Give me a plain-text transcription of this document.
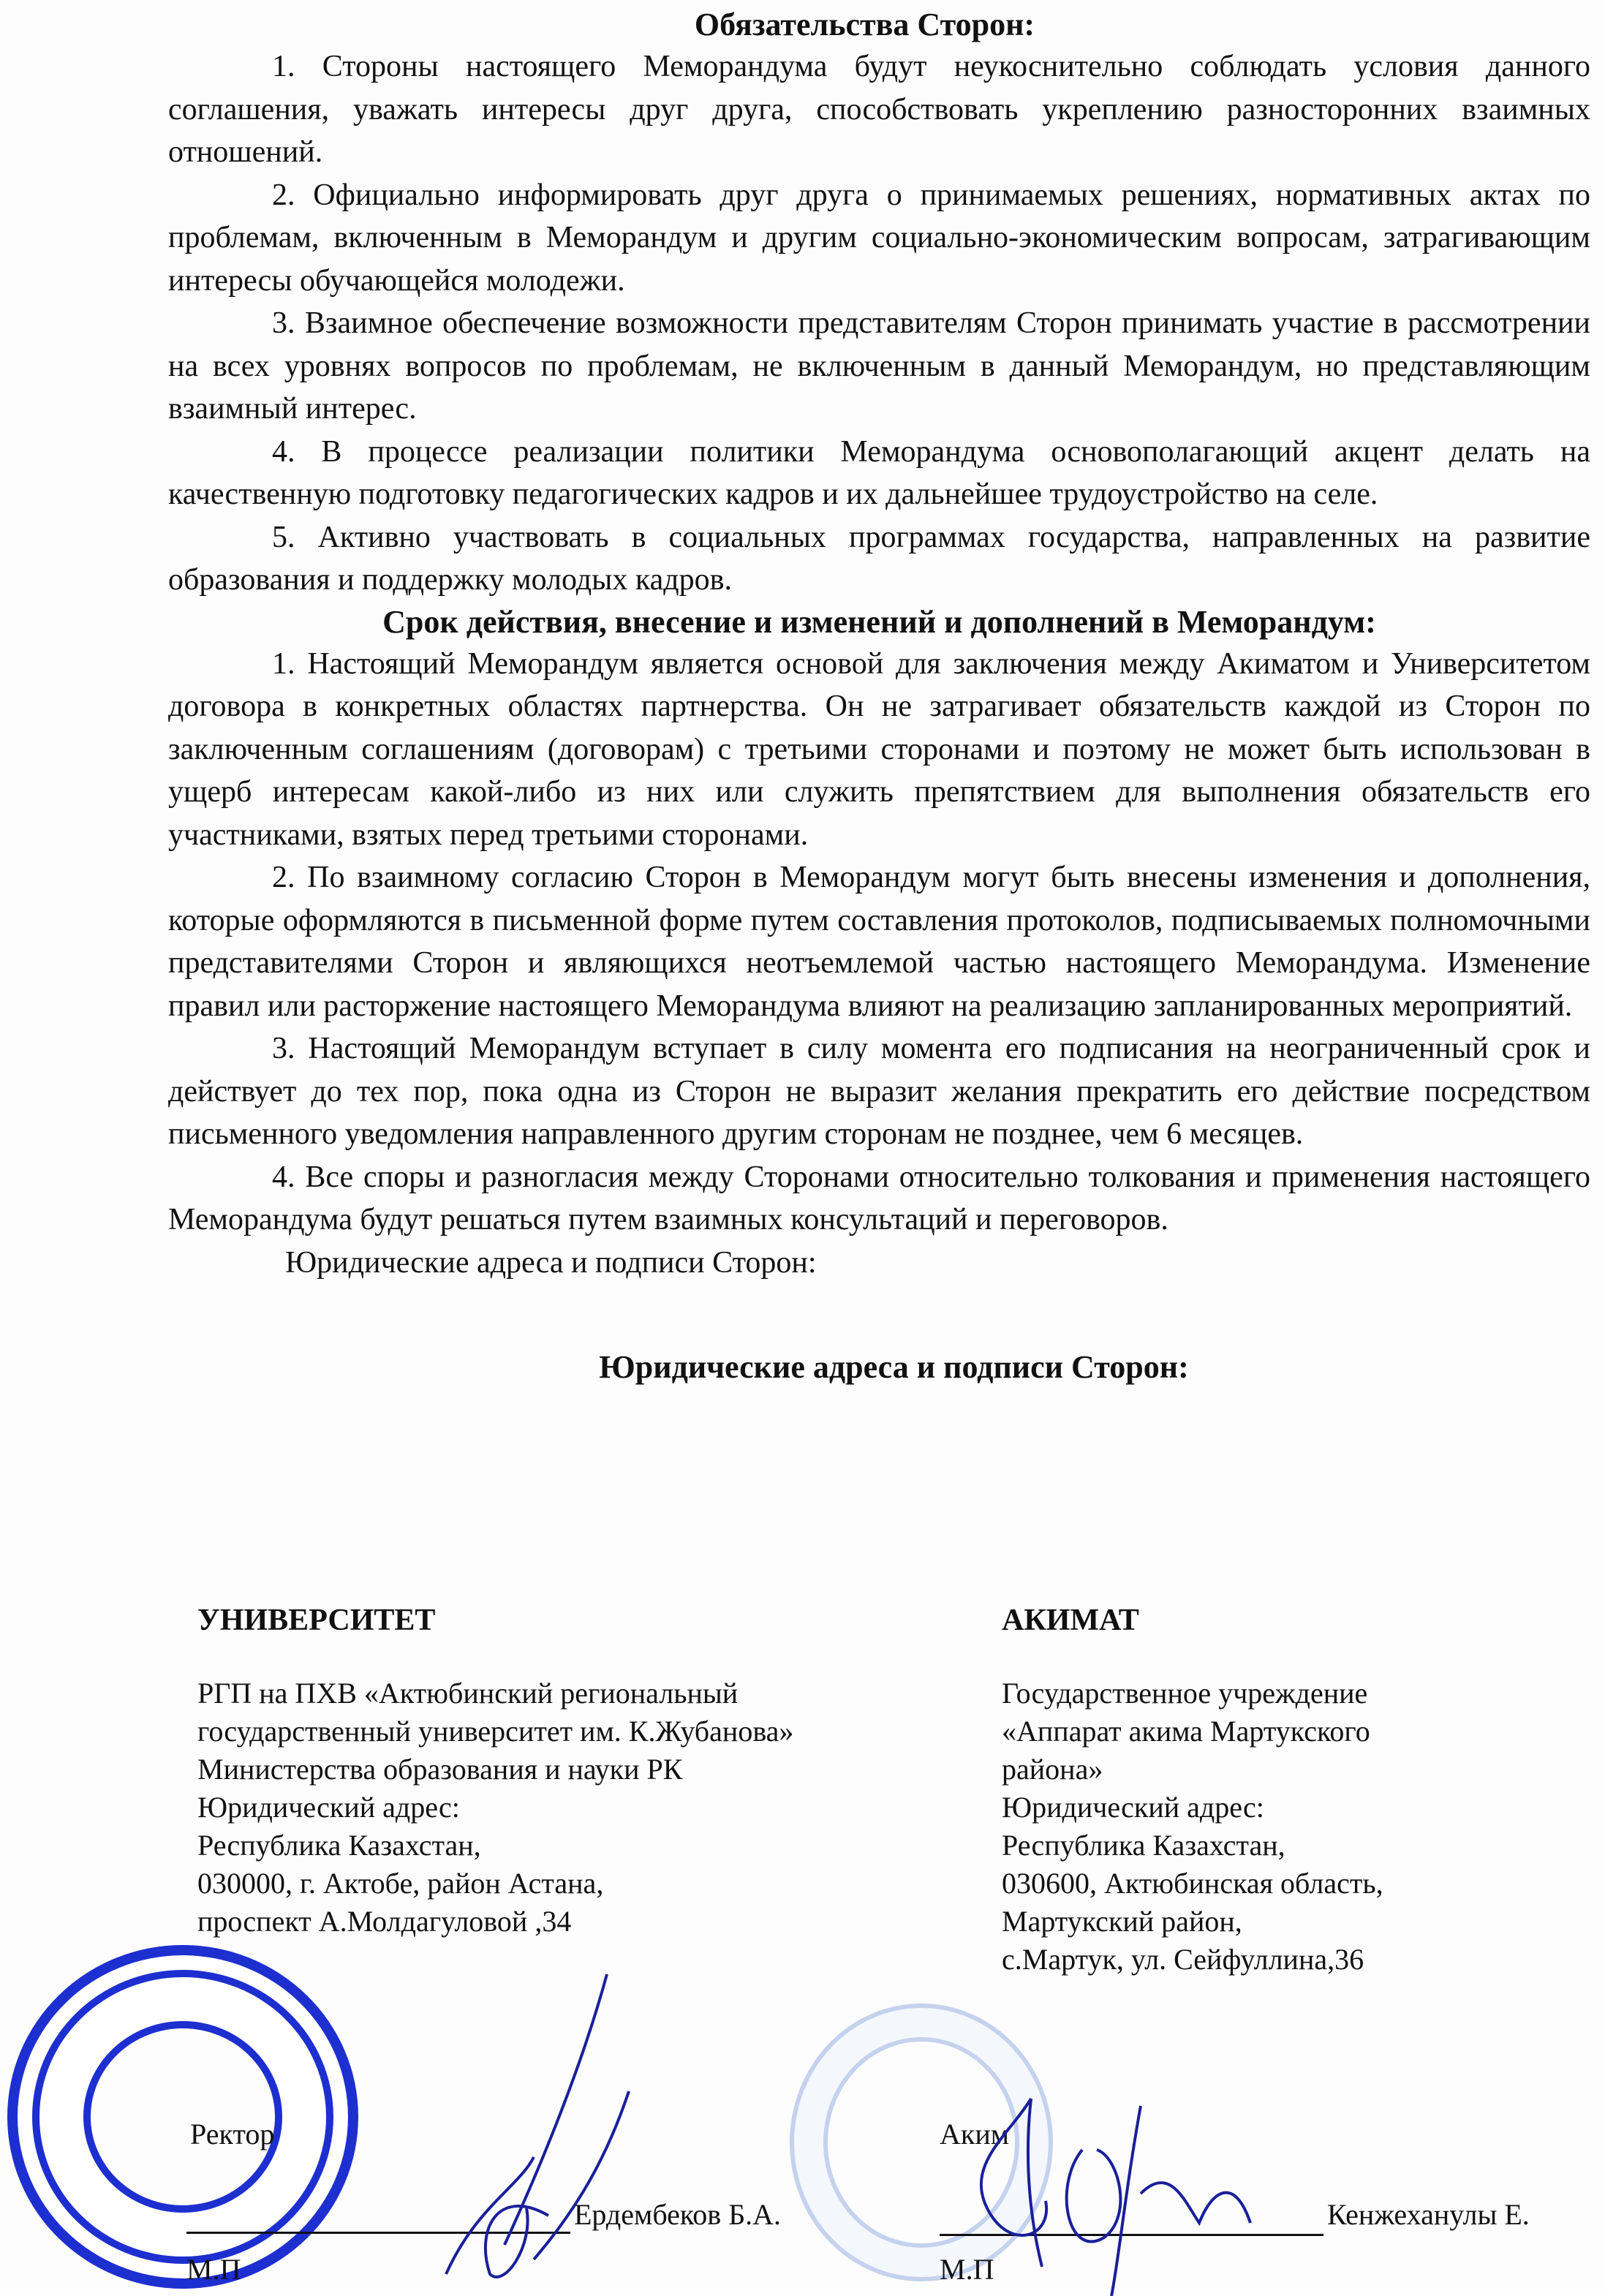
Обязательства Сторон:

1. Стороны настоящего Меморандума будут неукоснительно соблюдать условия данного соглашения, уважать интересы друг друга, способствовать укреплению разносторонних взаимных отношений.

2. Официально информировать друг друга о принимаемых решениях, нормативных актах по проблемам, включенным в Меморандум и другим социально-экономическим вопросам, затрагивающим интересы обучающейся молодежи.

3. Взаимное обеспечение возможности представителям Сторон принимать участие в рассмотрении на всех уровнях вопросов по проблемам, не включенным в данный Меморандум, но представляющим взаимный интерес.

4. В процессе реализации политики Меморандума основополагающий акцент делать на качественную подготовку педагогических кадров и их дальнейшее трудоустройство на селе.

5. Активно участвовать в социальных программах государства, направленных на развитие образования и поддержку молодых кадров.

Срок действия, внесение и изменений и дополнений в Меморандум:

1. Настоящий Меморандум является основой для заключения между Акиматом и Университетом договора в конкретных областях партнерства. Он не затрагивает обязательств каждой из Сторон по заключенным соглашениям (договорам) с третьими сторонами и поэтому не может быть использован в ущерб интересам какой-либо из них или служить препятствием для выполнения обязательств его участниками, взятых перед третьими сторонами.

2. По взаимному согласию Сторон в Меморандум могут быть внесены изменения и дополнения, которые оформляются в письменной форме путем составления протоколов, подписываемых полномочными представителями Сторон и являющихся неотъемлемой частью настоящего Меморандума. Изменение правил или расторжение настоящего Меморандума влияют на реализацию запланированных мероприятий.

3. Настоящий Меморандум вступает в силу момента его подписания на неограниченный срок и действует до тех пор, пока одна из Сторон не выразит желания прекратить его действие посредством письменного уведомления направленного другим сторонам не позднее, чем 6 месяцев.

4. Все споры и разногласия между Сторонами относительно толкования и применения настоящего Меморандума будут решаться путем взаимных консультаций и переговоров.

Юридические адреса и подписи Сторон:

Юридические адреса и подписи Сторон:

УНИВЕРСИТЕТ

РГП на ПХВ «Актюбинский региональный

государственный университет им. К.Жубанова»

Министерства образования и науки РК

Юридический адрес:

Республика Казахстан,

030000, г. Актобе, район Астана,

проспект А.Молдагуловой ,34

АКИМАТ

Государственное учреждение

«Аппарат акима Мартукского

района»

Юридический адрес:

Республика Казахстан,

030600, Актюбинская область,

Мартукский район,

с.Мартук, ул. Сейфуллина,36

Ректор
Ердембеков Б.А.
М.П
Аким
Кенжеханулы Е.
М.П
